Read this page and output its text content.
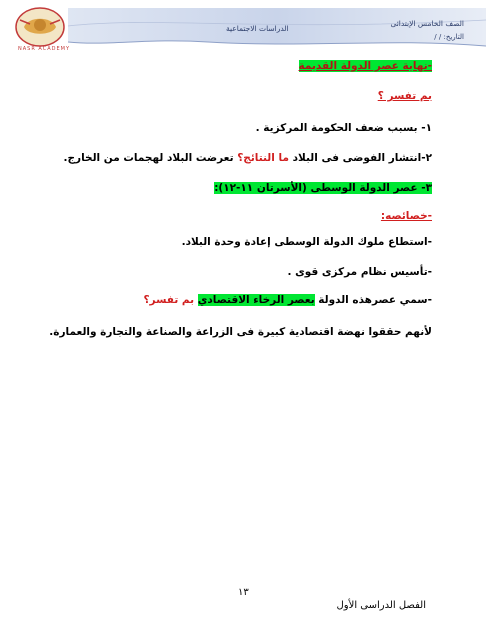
الصف الخامس الإبتدائى
التاريخ: / /
الدراسات الاجتماعية
NASR ACADEMY
-نهاية عصر الدولة القديمة
بم تفسر ؟
١- بسبب ضعف الحكومة المركزية .
٢-انتشار الفوضى فى البلاد ما النتائج؟ تعرضت البلاد لهجمات من الخارج.
٣- عصر الدولة الوسطى (الأسرتان ١١-١٢):
-خصائصه:
-استطاع ملوك الدولة الوسطى إعادة وحدة البلاد.
-تأسيس نظام مركزى قوى .
-سمي عصرهذه الدولة بعصر الرخاء الاقتصادي بم تفسر؟
لأنهم حققوا نهضة اقتصادية كبيرة فى الزراعة والصناعة والتجارة والعمارة.
١٣
الفصل الدراسى الأول
